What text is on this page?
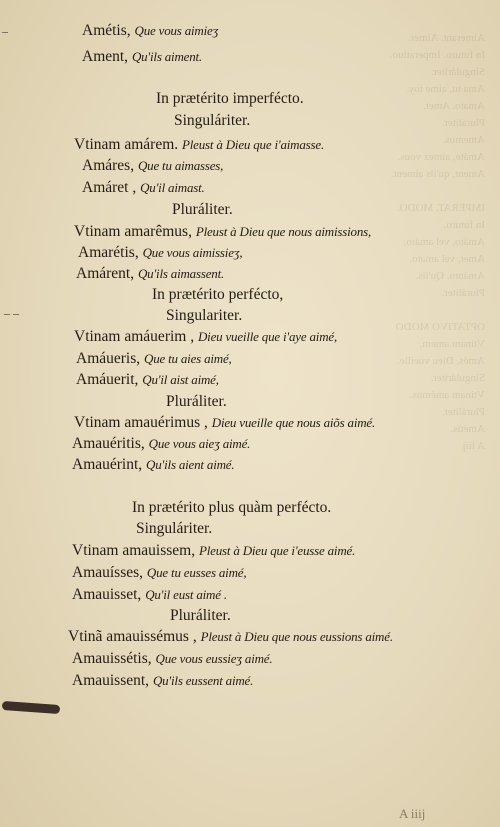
Aimerant. Aimer.
In futuro. Imperatiuo.
Singuláriter.
Ama tu, aime toy.
Amato. Amet.
Pluráliter.
Amemus.
Amáte, aimez vous.
Ament, qu'ils aiment.

IMPERAT. MODO.
In futuro.
Amáto, vel amáto,
Amet, vel amato.
Amánto. Qu'ils.
Pluráliter.

OPTATIVO MODO
Vtinam amem,
Amés, Dieu vueille.
Singuláriter.
Vtinam amémus.
Pluráliter.
Amétis.
A iiij
–
– –
Amétis, Que vous aimieʒ
Ament, Qu'ils aiment.
In prætérito imperfécto.
Singuláriter.
Vtinam amárem. Pleust à Dieu que i'aimasse.
Amáres, Que tu aimasses,
Amáret , Qu'il aimast.
Pluráliter.
Vtinam amarêmus, Pleust à Dieu que nous aimissions,
Amarétis, Que vous aimissieʒ,
Amárent, Qu'ils aimassent.
In prætérito perfécto,
Singulariter.
Vtinam amáuerim , Dieu vueille que i'aye aimé,
Amáueris, Que tu aies aimé,
Amáuerit, Qu'il aist aimé,
Pluráliter.
Vtinam amauérimus , Dieu vueille que nous aiõs aimé.
Amauéritis, Que vous aieʒ aimé.
Amauérint, Qu'ils aient aimé.
In prætérito plus quàm perfécto.
Singuláriter.
Vtinam amauissem, Pleust à Dieu que i'eusse aimé.
Amauísses, Que tu eusses aimé,
Amauisset, Qu'il eust aimé .
Pluráliter.
Vtinã amauissémus , Pleust à Dieu que nous eussions aimé.
Amauissétis, Que vous eussieʒ aimé.
Amauissent, Qu'ils eussent aimé.
A iiij
